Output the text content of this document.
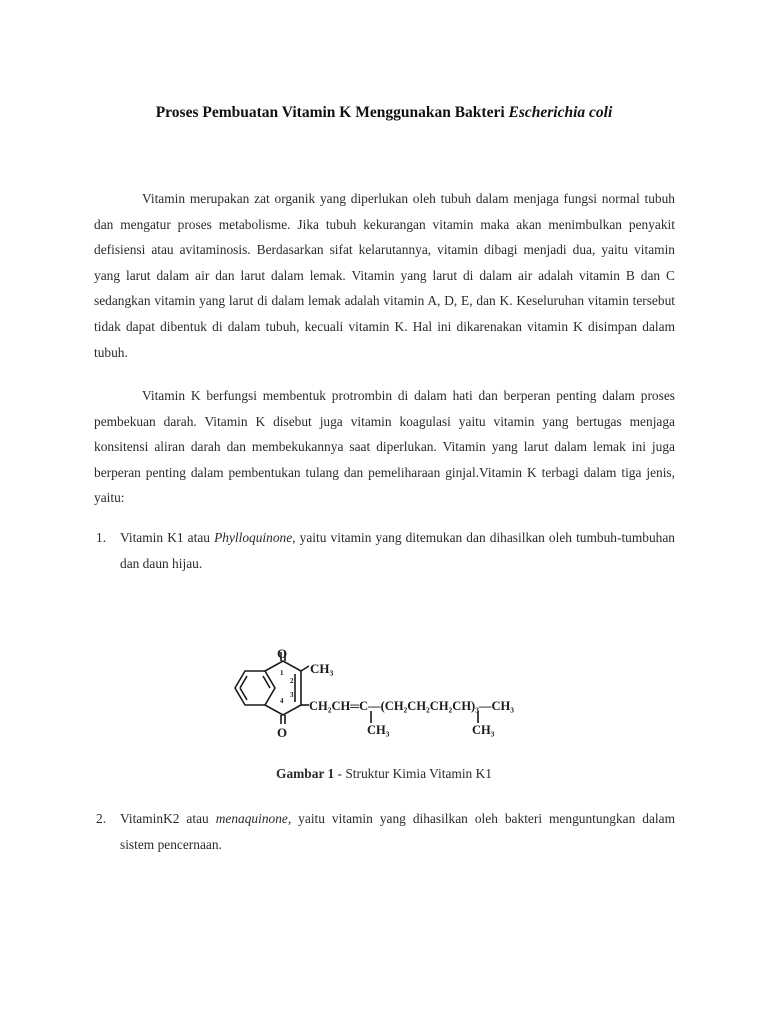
Proses Pembuatan Vitamin K Menggunakan Bakteri Escherichia coli

Vitamin merupakan zat organik yang diperlukan oleh tubuh dalam menjaga fungsi normal tubuh dan mengatur proses metabolisme. Jika tubuh kekurangan vitamin maka akan menimbulkan penyakit defisiensi atau avitaminosis. Berdasarkan sifat kelarutannya, vitamin dibagi menjadi dua, yaitu vitamin yang larut dalam air dan larut dalam lemak. Vitamin yang larut di dalam air adalah vitamin B dan C sedangkan vitamin yang larut di dalam lemak adalah vitamin A, D, E, dan K. Keseluruhan vitamin tersebut tidak dapat dibentuk di dalam tubuh, kecuali vitamin K. Hal ini dikarenakan vitamin K disimpan dalam tubuh.

Vitamin K berfungsi membentuk protrombin di dalam hati dan berperan penting dalam proses pembekuan darah. Vitamin K disebut juga vitamin koagulasi yaitu vitamin yang bertugas menjaga konsitensi aliran darah dan membekukannya saat diperlukan. Vitamin yang larut dalam lemak ini juga berperan penting dalam pembentukan tulang dan pemeliharaan ginjal.Vitamin K terbagi dalam tiga jenis, yaitu:

1. Vitamin K1 atau Phylloquinone, yaitu vitamin yang ditemukan dan dihasilkan oleh tumbuh-tumbuhan dan daun hijau.
O
O
CH₃
CH₂CH═C—(CH₂CH₂CH₂CH)₃—CH₃
CH₃	CH₃
1
2
3
4
Gambar 1 - Struktur Kimia Vitamin K1
2. VitaminK2 atau menaquinone, yaitu vitamin yang dihasilkan oleh bakteri menguntungkan dalam sistem pencernaan.
